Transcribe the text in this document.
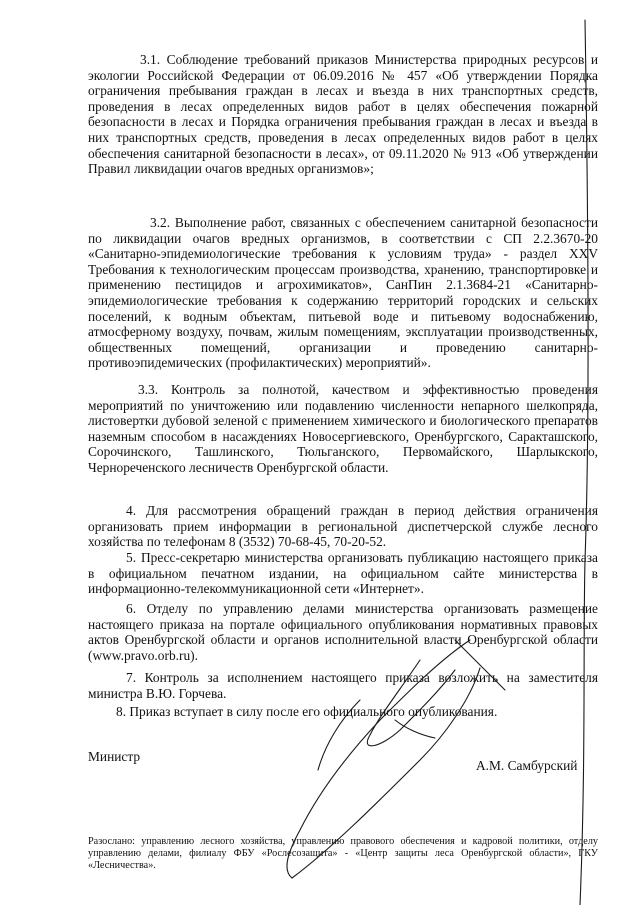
3.1. Соблюдение требований приказов Министерства природных ресурсов и экологии Российской Федерации от 06.09.2016 № 457 «Об утверждении Порядка ограничения пребывания граждан в лесах и въезда в них транспортных средств, проведения в лесах определенных видов работ в целях обеспечения пожарной безопасности в лесах и Порядка ограничения пребывания граждан в лесах и въезда в них транспортных средств, проведения в лесах определенных видов работ в целях обеспечения санитарной безопасности в лесах», от 09.11.2020 № 913 «Об утверждении Правил ликвидации очагов вредных организмов»;

3.2. Выполнение работ, связанных с обеспечением санитарной безопасности по ликвидации очагов вредных организмов, в соответствии с СП 2.2.3670-20 «Санитарно-эпидемиологические требования к условиям труда» - раздел XXV Требования к технологическим процессам производства, хранению, транспортировке и применению пестицидов и агрохимикатов», СанПин 2.1.3684-21 «Санитарно-эпидемиологические требования к содержанию территорий городских и сельских поселений, к водным объектам, питьевой воде и питьевому водоснабжению, атмосферному воздуху, почвам, жилым помещениям, эксплуатации производственных, общественных помещений, организации и проведению санитарно-противоэпидемических (профилактических) мероприятий».

3.3. Контроль за полнотой, качеством и эффективностью проведения мероприятий по уничтожению или подавлению численности непарного шелкопряда, листовертки дубовой зеленой с применением химического и биологического препаратов наземным способом в насаждениях Новосергиевского, Оренбургского, Саракташского, Сорочинского, Ташлинского, Тюльганского, Первомайского, Шарлыкского, Чернореченского лесничеств Оренбургской области.

4. Для рассмотрения обращений граждан в период действия ограничения организовать прием информации в региональной диспетчерской службе лесного хозяйства по телефонам 8 (3532) 70-68-45, 70-20-52.

5. Пресс-секретарю министерства организовать публикацию настоящего приказа в официальном печатном издании, на официальном сайте министерства в информационно-телекоммуникационной сети «Интернет».

6. Отделу по управлению делами министерства организовать размещение настоящего приказа на портале официального опубликования нормативных правовых актов Оренбургской области и органов исполнительной власти Оренбургской области (www.pravo.orb.ru).

7. Контроль за исполнением настоящего приказа возложить на заместителя министра В.Ю. Горчева.

8. Приказ вступает в силу после его официального опубликования.

Министр
А.М. Самбурский

Разослано: управлению лесного хозяйства, управлению правового обеспечения и кадровой политики, отделу управлению делами, филиалу ФБУ «Рослесозащита» - «Центр защиты леса Оренбургской области», ГКУ «Лесничества».
